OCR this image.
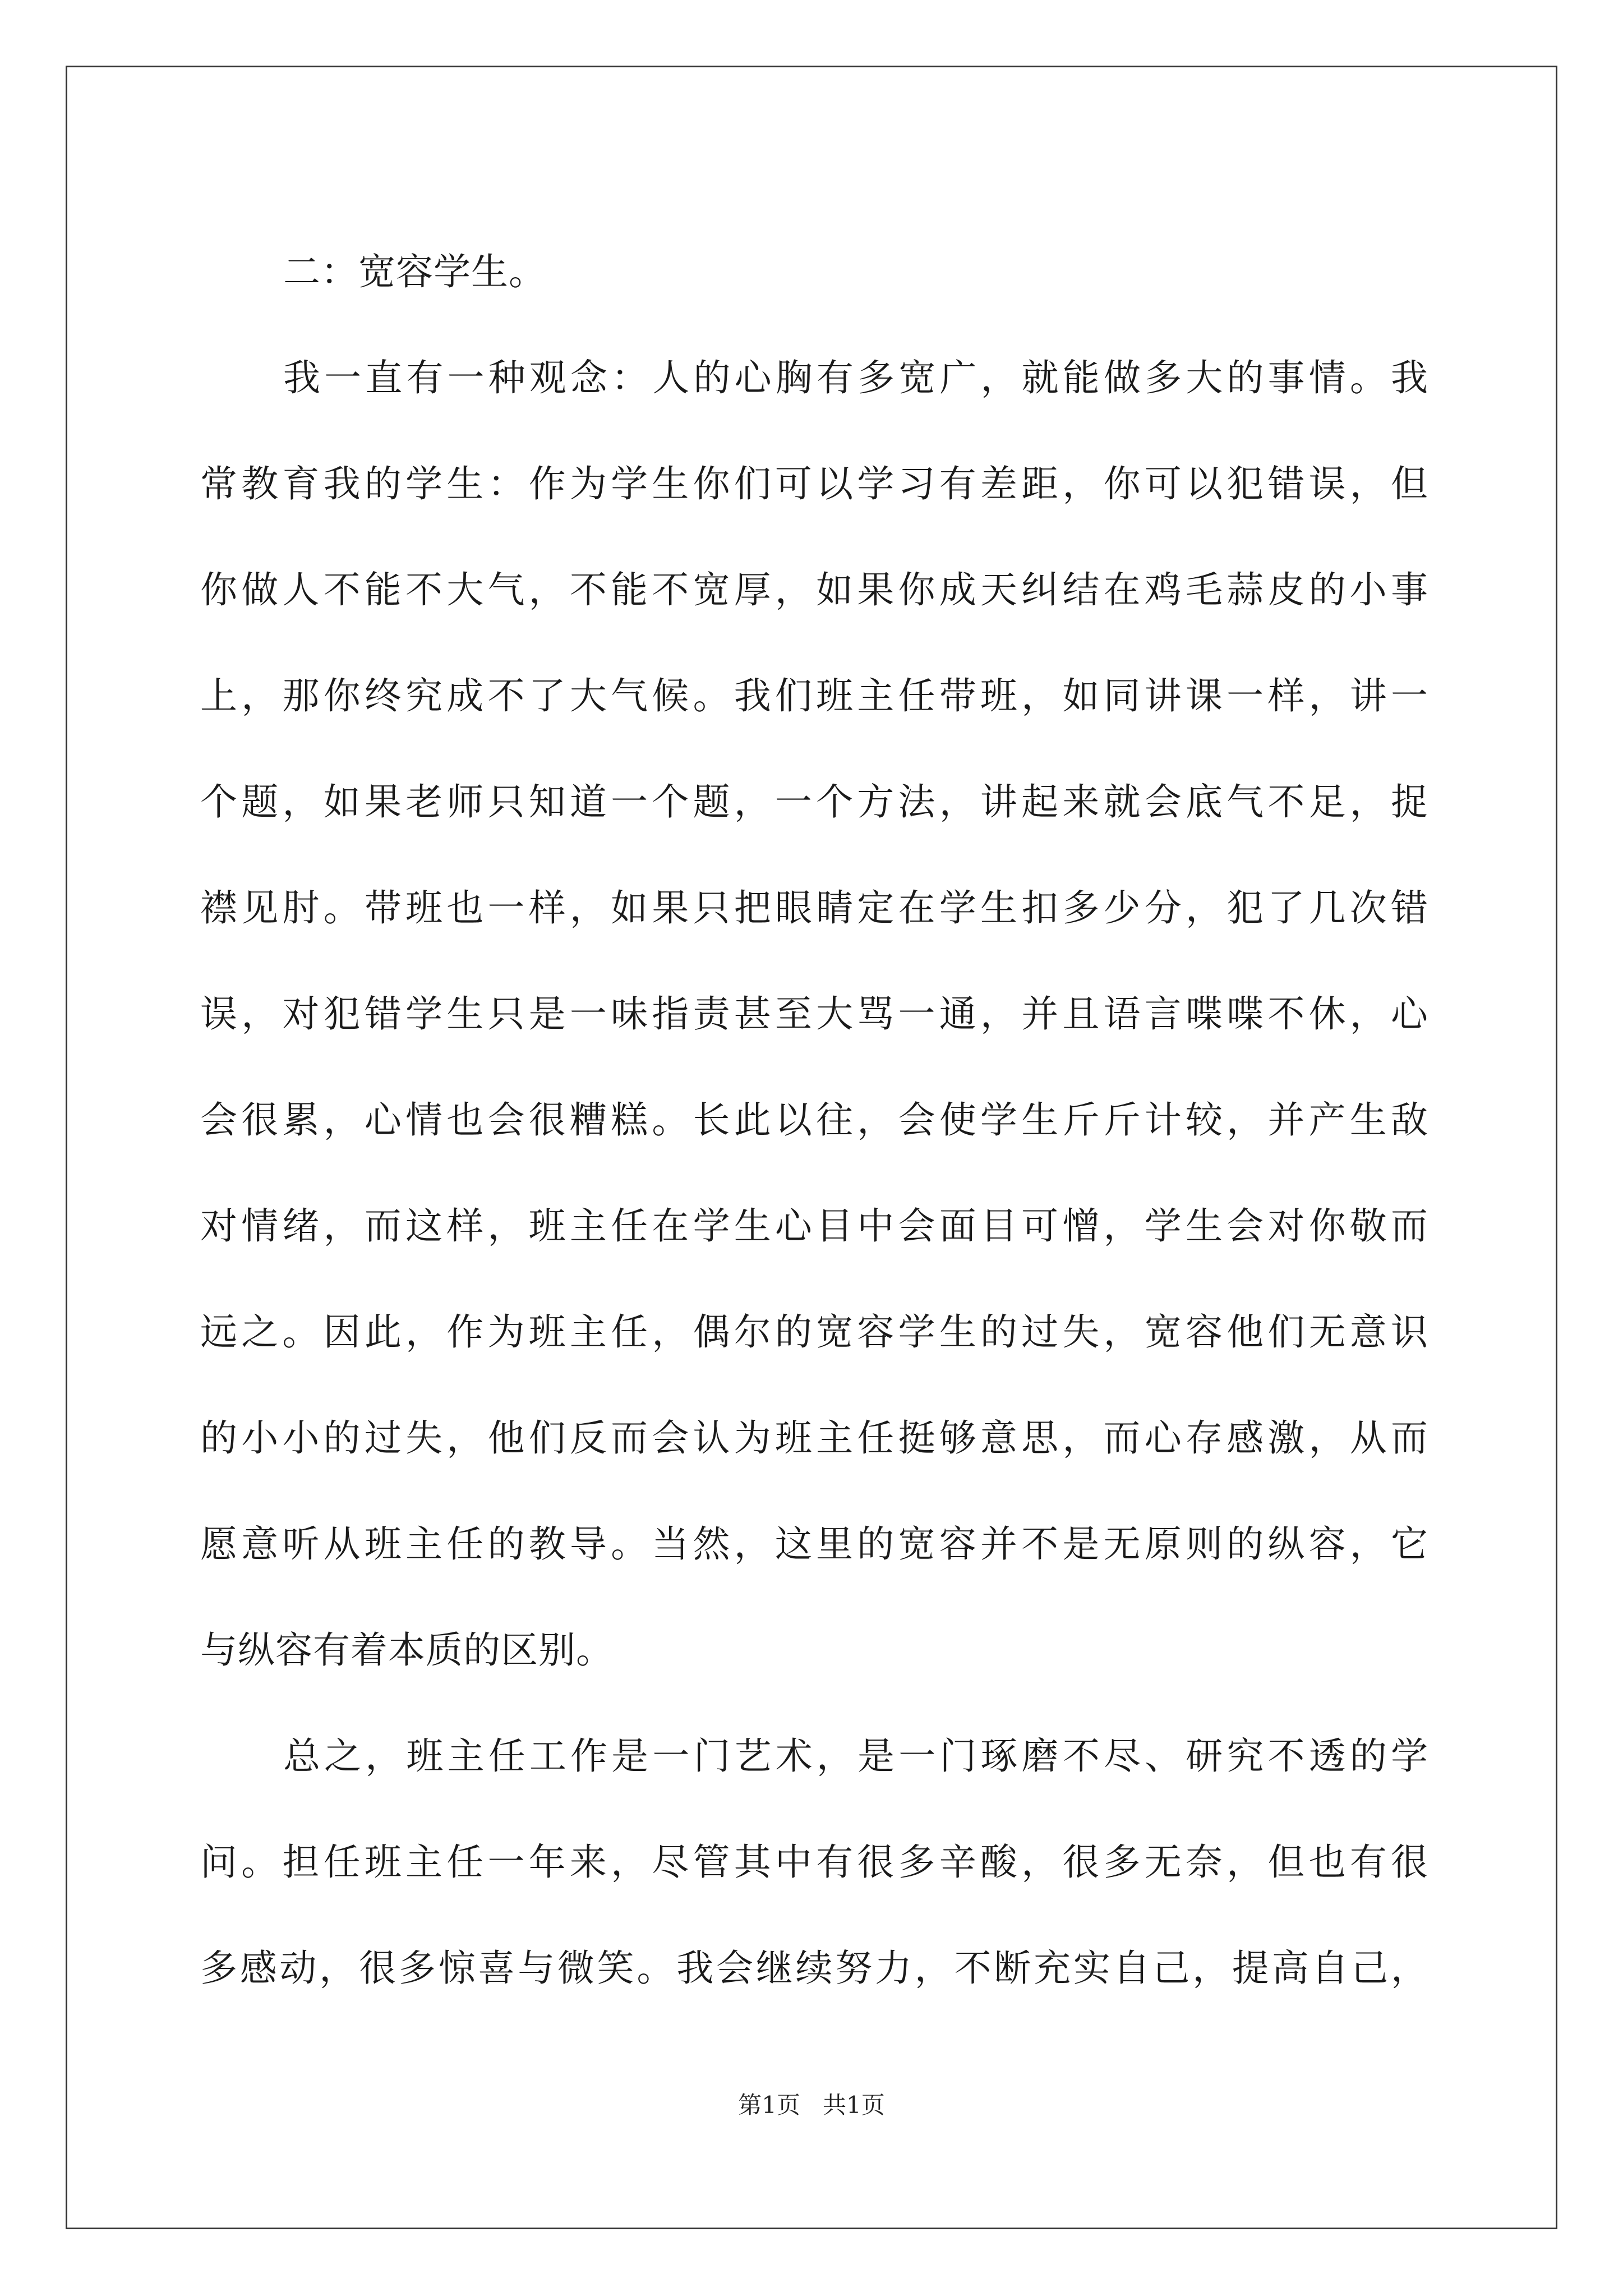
二：宽容学生。
我一直有一种观念：人的心胸有多宽广，就能做多大的事情。我
常教育我的学生：作为学生你们可以学习有差距，你可以犯错误，但
你做人不能不大气，不能不宽厚，如果你成天纠结在鸡毛蒜皮的小事
上，那你终究成不了大气候。我们班主任带班，如同讲课一样，讲一
个题，如果老师只知道一个题，一个方法，讲起来就会底气不足，捉
襟见肘。带班也一样，如果只把眼睛定在学生扣多少分，犯了几次错
误，对犯错学生只是一味指责甚至大骂一通，并且语言喋喋不休，心
会很累，心情也会很糟糕。长此以往，会使学生斤斤计较，并产生敌
对情绪，而这样，班主任在学生心目中会面目可憎，学生会对你敬而
远之。因此，作为班主任，偶尔的宽容学生的过失，宽容他们无意识
的小小的过失，他们反而会认为班主任挺够意思，而心存感激，从而
愿意听从班主任的教导。当然，这里的宽容并不是无原则的纵容，它
与纵容有着本质的区别。
总之，班主任工作是一门艺术，是一门琢磨不尽、研究不透的学
问。担任班主任一年来，尽管其中有很多辛酸，很多无奈，但也有很
多感动，很多惊喜与微笑。我会继续努力，不断充实自己，提高自己，
第1页 共1页
